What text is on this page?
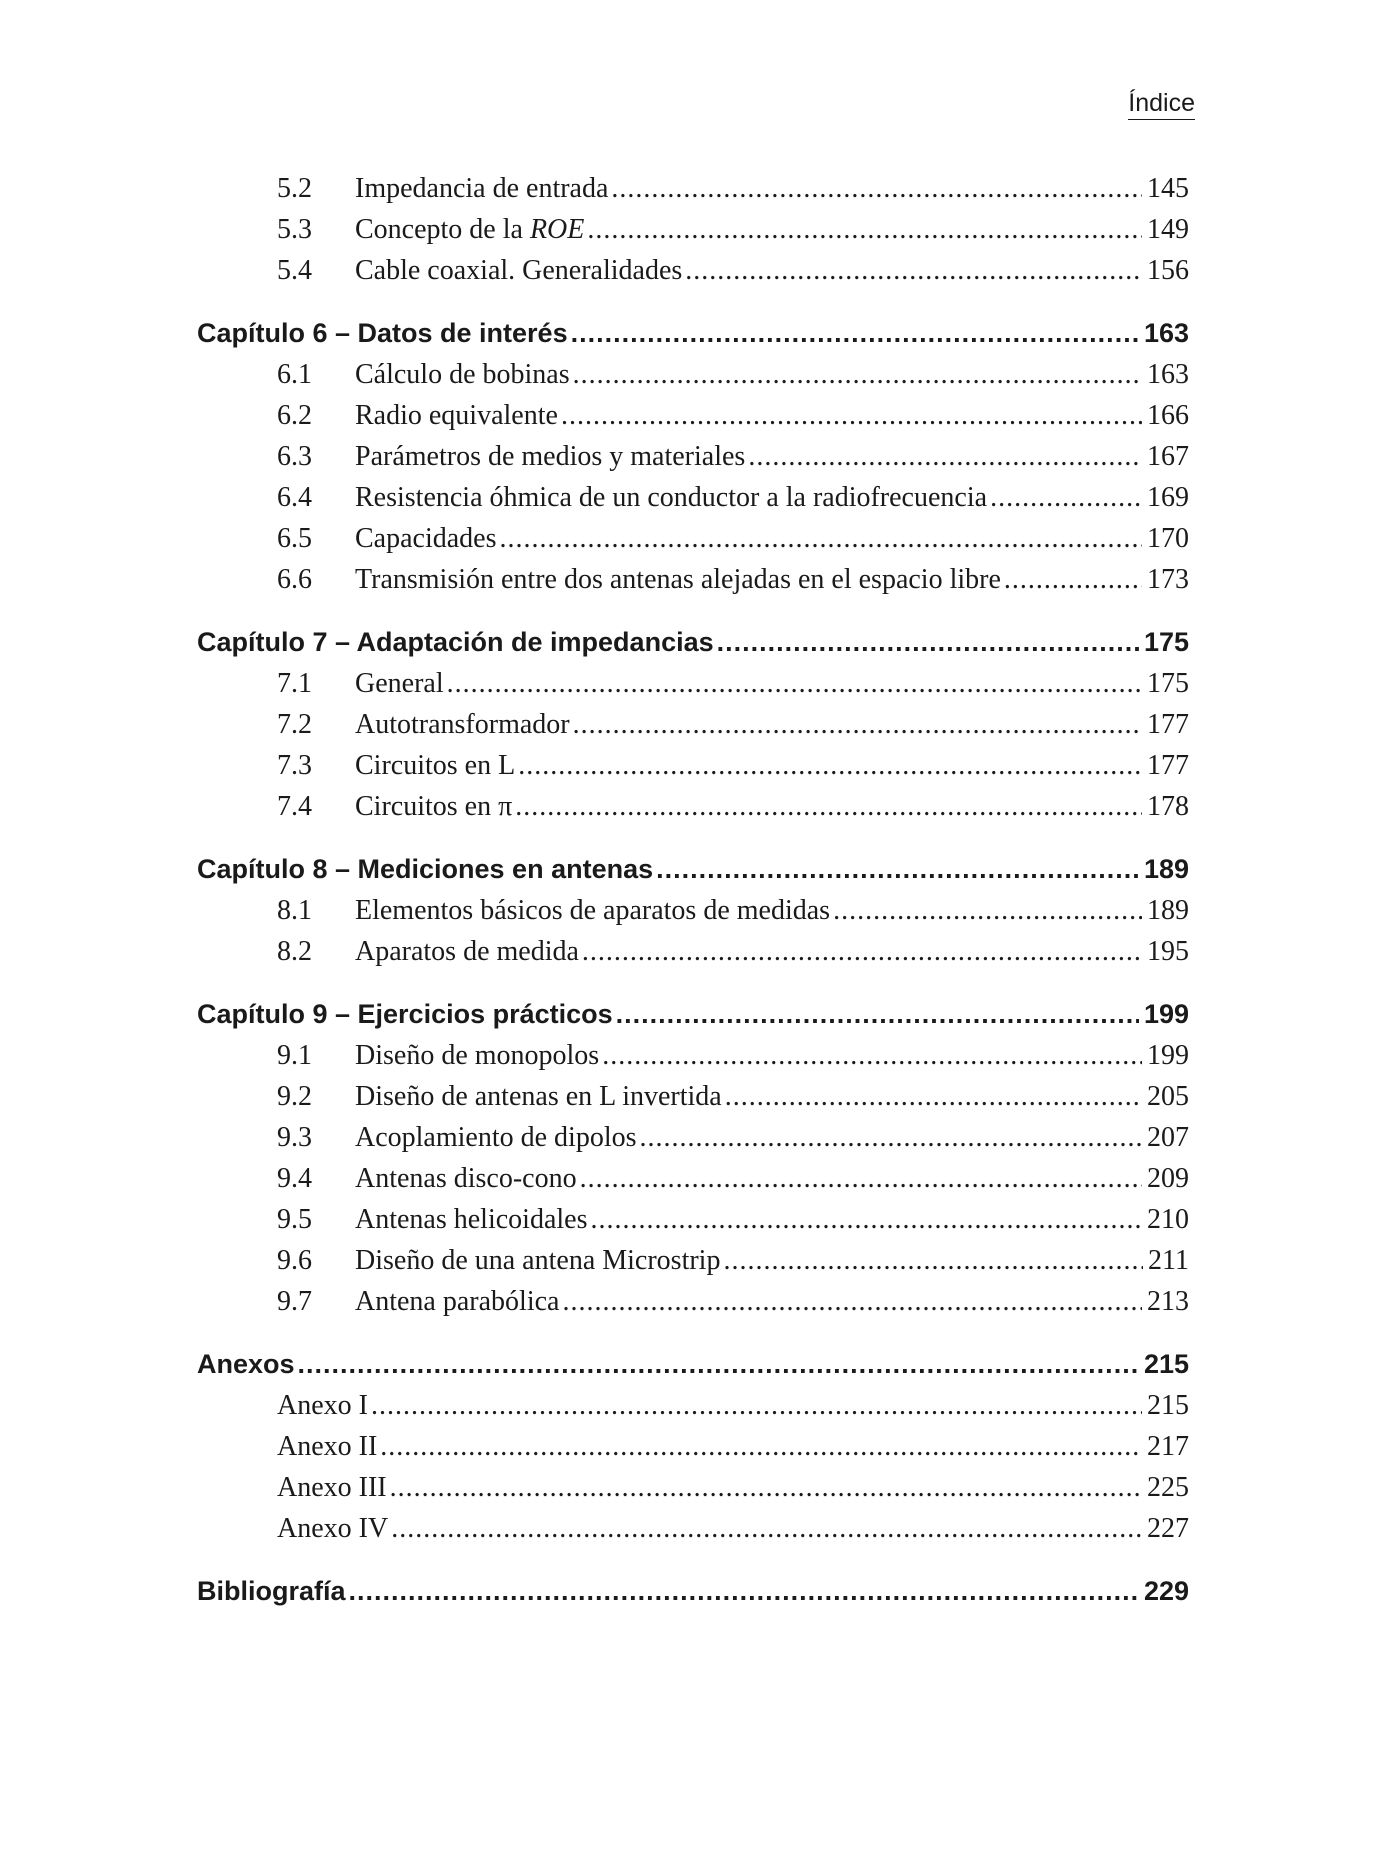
Índice
5.2	Impedancia de entrada .....	145
5.3	Concepto de la ROE .....	149
5.4	Cable coaxial. Generalidades .....	156
Capítulo 6 – Datos de interés .....	163
6.1	Cálculo de bobinas .....	163
6.2	Radio equivalente .....	166
6.3	Parámetros de medios y materiales .....	167
6.4	Resistencia óhmica de un conductor a la radiofrecuencia .....	169
6.5	Capacidades .....	170
6.6	Transmisión entre dos antenas alejadas en el espacio libre .....	173
Capítulo 7 – Adaptación de impedancias .....	175
7.1	General .....	175
7.2	Autotransformador .....	177
7.3	Circuitos en L .....	177
7.4	Circuitos en π .....	178
Capítulo 8 – Mediciones en antenas .....	189
8.1	Elementos básicos de aparatos de medidas .....	189
8.2	Aparatos de medida .....	195
Capítulo 9 – Ejercicios prácticos .....	199
9.1	Diseño de monopolos .....	199
9.2	Diseño de antenas en L invertida .....	205
9.3	Acoplamiento de dipolos .....	207
9.4	Antenas disco-cono .....	209
9.5	Antenas helicoidales .....	210
9.6	Diseño de una antena Microstrip .....	211
9.7	Antena parabólica .....	213
Anexos .....	215
Anexo I .....	215
Anexo II .....	217
Anexo III .....	225
Anexo IV .....	227
Bibliografía .....	229
